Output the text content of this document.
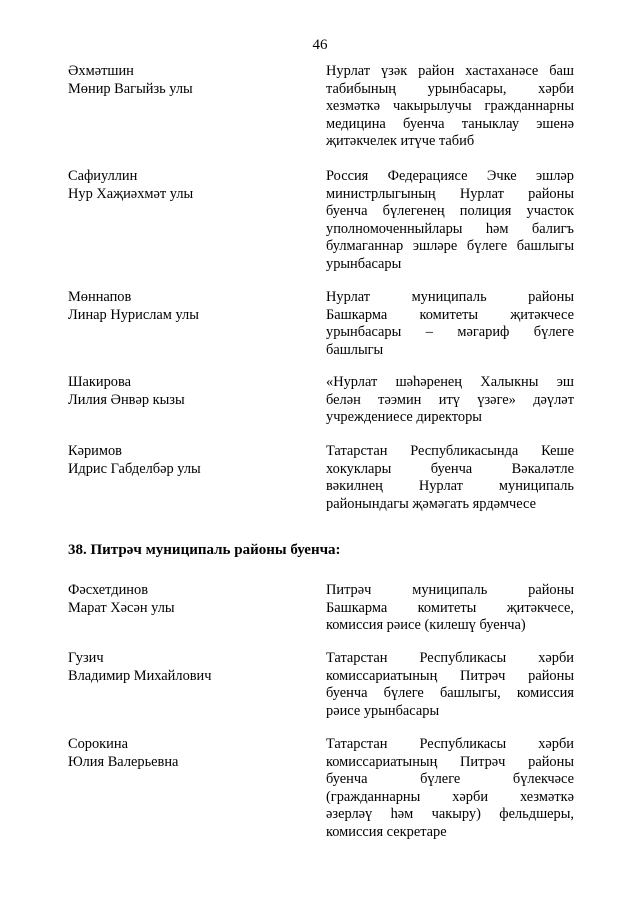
46
Әхмәтшин
Мөнир Вагыйзь улы
Нурлат үзәк район хастаханәсе баш
табибының урынбасары, хәрби
хезмәткә чакырылучы гражданнарны
медицина буенча таныклау эшенә
җитәкчелек итүче табиб
Сафиуллин
Нур Хаҗиәхмәт улы
Россия Федерациясе Эчке эшләр
министрлыгының Нурлат районы
буенча бүлегенең полиция участок
уполномоченныйлары һәм балигъ
булмаганнар эшләре бүлеге башлыгы
урынбасары
Мөннапов
Линар Нурислам улы
Нурлат муниципаль районы
Башкарма комитеты җитәкчесе
урынбасары – мәгариф бүлеге
башлыгы
Шакирова
Лилия Әнвәр кызы
«Нурлат шәһәренең Халыкны эш
белән тәэмин итү үзәге» дәүләт
учреждениесе директоры
Кәримов
Идрис Габделбәр улы
Татарстан Республикасында Кеше
хокуклары буенча Вәкаләтле
вәкилнең Нурлат муниципаль
районындагы җәмәгать ярдәмчесе
38. Питрәч муниципаль районы буенча:
Фәсхетдинов
Марат Хәсән улы
Питрәч муниципаль районы
Башкарма комитеты җитәкчесе,
комиссия рәисе (килешү буенча)
Гузич
Владимир Михайлович
Татарстан Республикасы хәрби
комиссариатының Питрәч районы
буенча бүлеге башлыгы, комиссия
рәисе урынбасары
Сорокина
Юлия Валерьевна
Татарстан Республикасы хәрби
комиссариатының Питрәч районы
буенча бүлеге бүлекчәсе
(гражданнарны хәрби хезмәткә
әзерләү һәм чакыру) фельдшеры,
комиссия секретаре
